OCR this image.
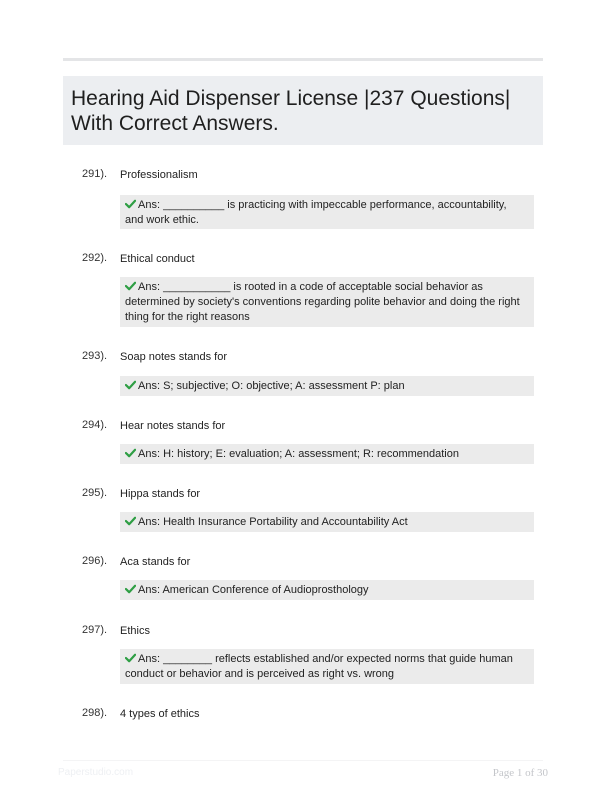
Hearing Aid Dispenser License |237 Questions| With Correct Answers.
291). Professionalism
Ans: __________ is practicing with impeccable performance, accountability, and work ethic.
292). Ethical conduct
Ans: ___________ is rooted in a code of acceptable social behavior as determined by society's conventions regarding polite behavior and doing the right thing for the right reasons
293). Soap notes stands for
Ans: S; subjective; O: objective; A: assessment P: plan
294). Hear notes stands for
Ans: H: history; E: evaluation; A: assessment; R: recommendation
295). Hippa stands for
Ans: Health Insurance Portability and Accountability Act
296). Aca stands for
Ans: American Conference of Audioprosthology
297). Ethics
Ans: ________ reflects established and/or expected norms that guide human conduct or behavior and is perceived as right vs. wrong
298). 4 types of ethics
Paperstudio.com	Page 1 of 30
